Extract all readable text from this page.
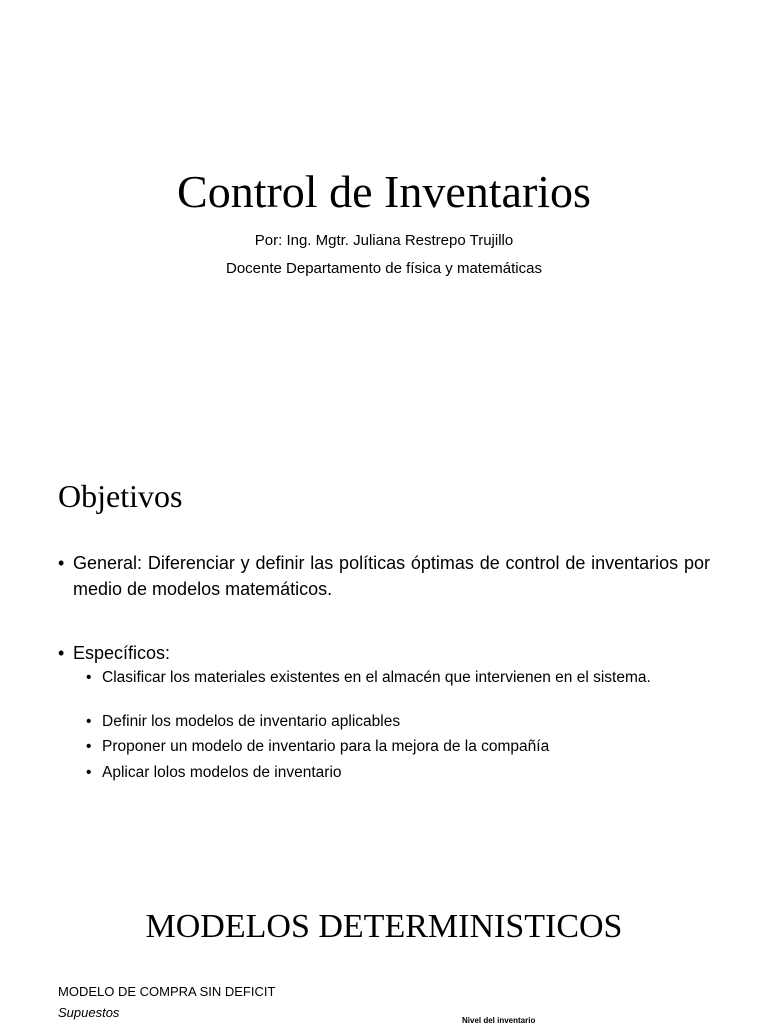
Control de Inventarios
Por: Ing. Mgtr. Juliana Restrepo Trujillo
Docente Departamento de física y matemáticas
Objetivos
• General: Diferenciar y definir las políticas óptimas de control de inventarios por medio de modelos matemáticos.
• Específicos:
• Clasificar los materiales existentes en el almacén que intervienen en el sistema.
• Definir los modelos de inventario aplicables
• Proponer un modelo de inventario para la mejora de la compañía
• Aplicar lolos modelos de inventario
MODELOS DETERMINISTICOS
MODELO DE COMPRA SIN DEFICIT
Supuestos
Nivel del inventario
